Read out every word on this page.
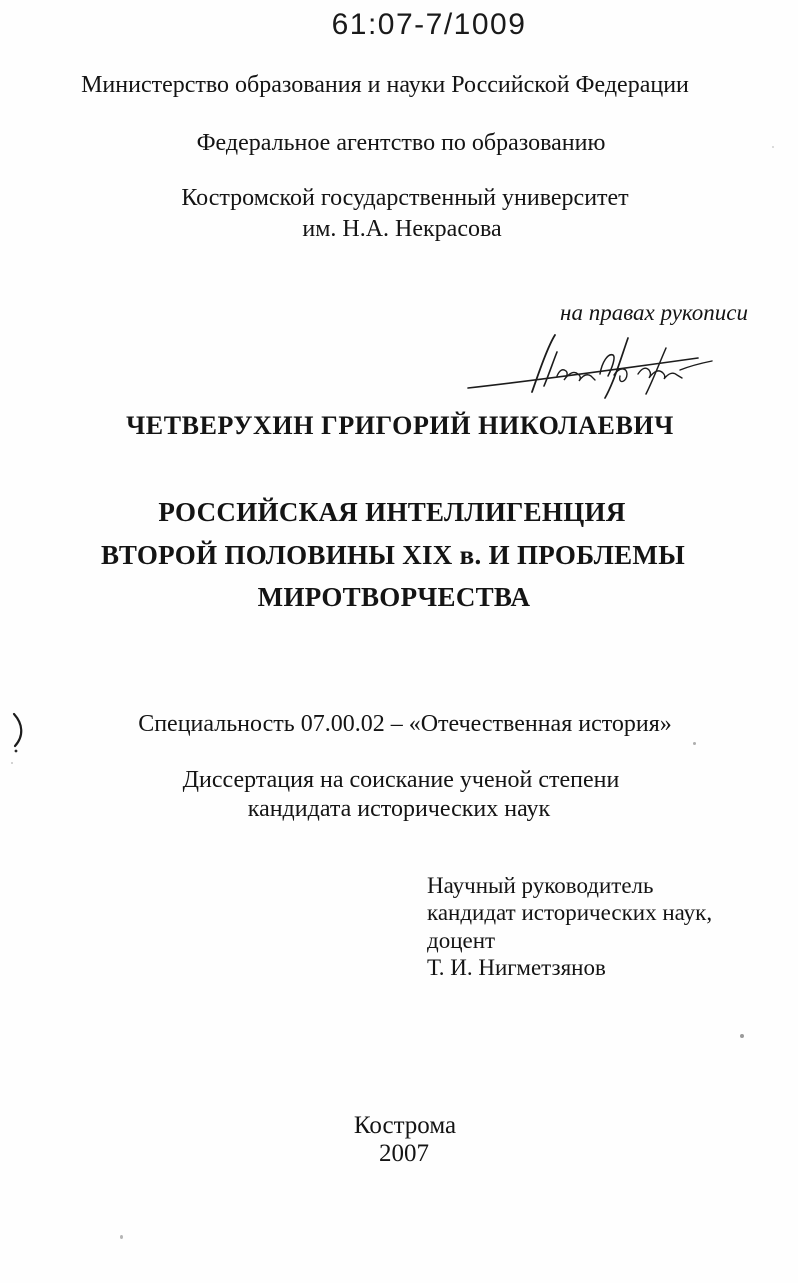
61:07-7/1009
Министерство образования и науки Российской Федерации
Федеральное агентство по образованию
Костромской государственный университет
им. Н.А. Некрасова
на правах рукописи
ЧЕТВЕРУХИН ГРИГОРИЙ НИКОЛАЕВИЧ
РОССИЙСКАЯ ИНТЕЛЛИГЕНЦИЯ
ВТОРОЙ ПОЛОВИНЫ XIX в. И ПРОБЛЕМЫ
МИРОТВОРЧЕСТВА
Специальность 07.00.02 – «Отечественная история»
Диссертация на соискание ученой степени
кандидата исторических наук
Научный руководитель
кандидат исторических наук,
доцент
Т. И. Нигметзянов
Кострома
2007
